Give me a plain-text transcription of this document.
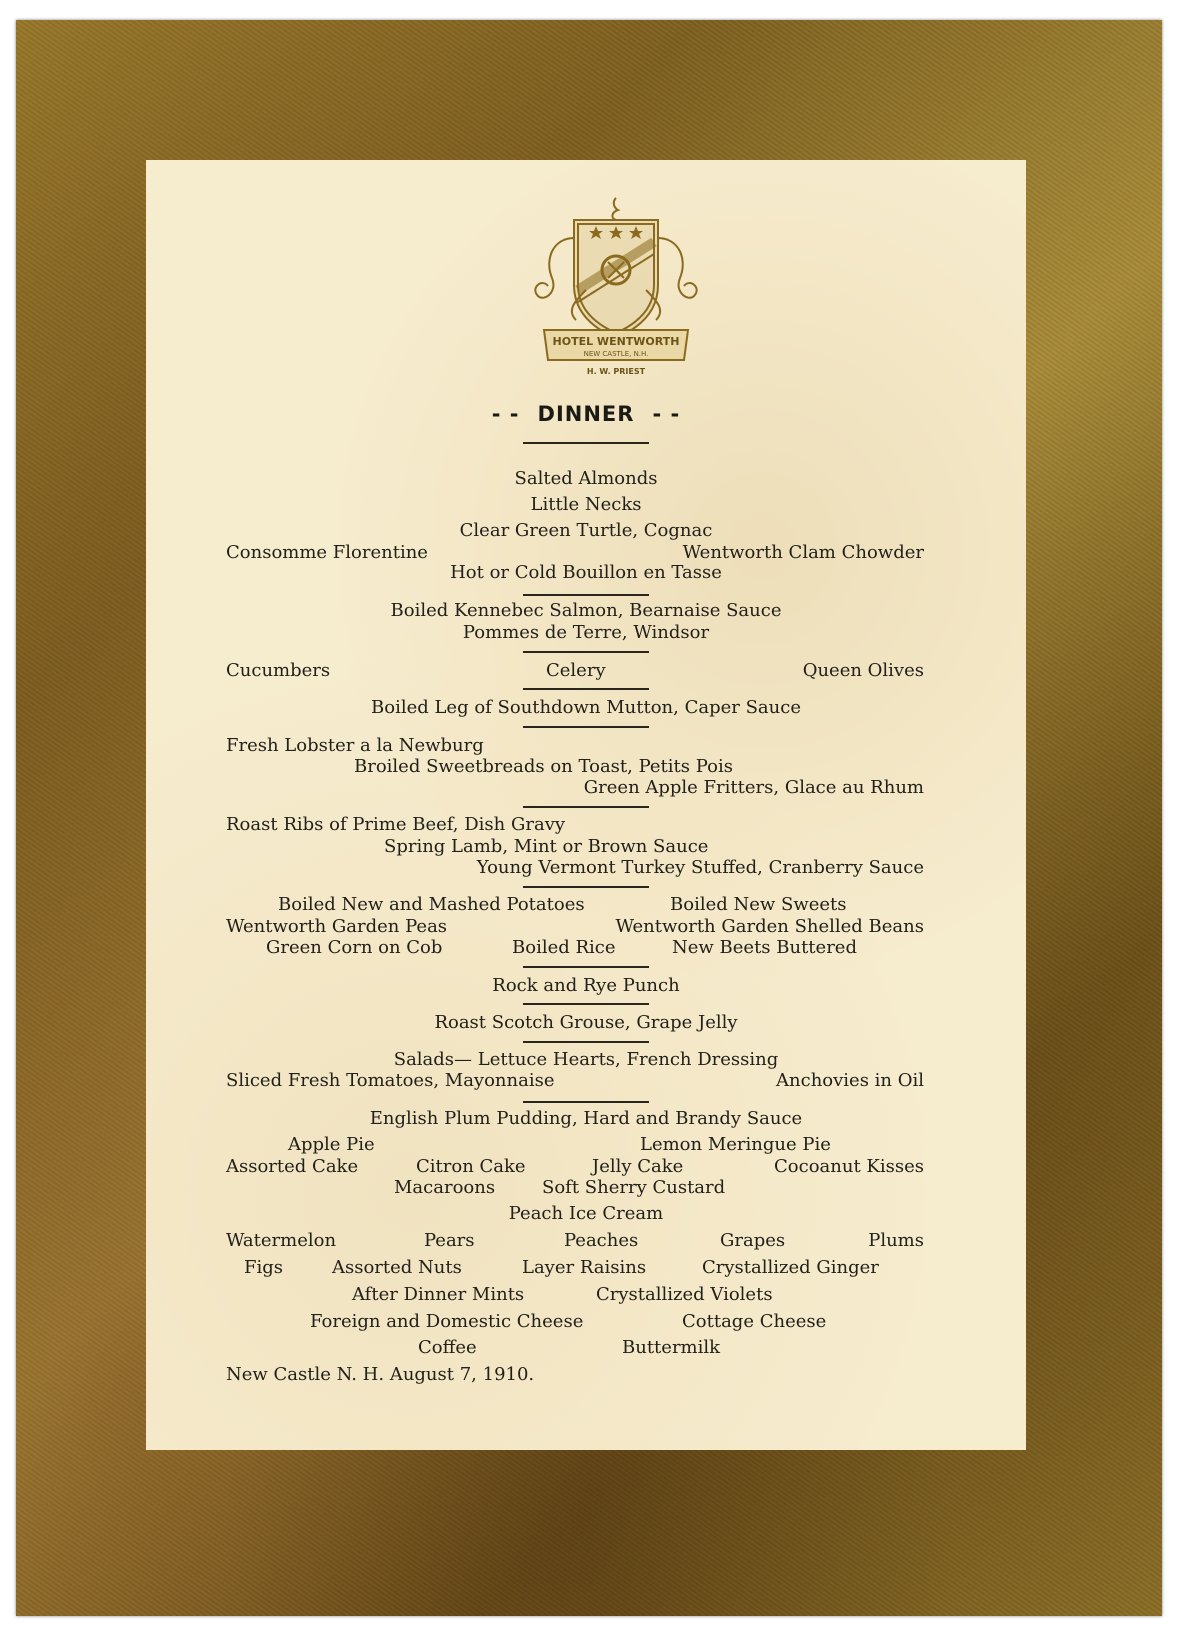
HOTEL WENTWORTH
NEW CASTLE, N.H.
H. W. PRIEST
- - DINNER - -
Salted Almonds
Little Necks
Clear Green Turtle, Cognac
Consomme Florentine	Wentworth Clam Chowder
Hot or Cold Bouillon en Tasse
Boiled Kennebec Salmon, Bearnaise Sauce
Pommes de Terre, Windsor
Cucumbers	Celery	Queen Olives
Boiled Leg of Southdown Mutton, Caper Sauce
Fresh Lobster a la Newburg
Broiled Sweetbreads on Toast, Petits Pois
Green Apple Fritters, Glace au Rhum
Roast Ribs of Prime Beef, Dish Gravy
Spring Lamb, Mint or Brown Sauce
Young Vermont Turkey Stuffed, Cranberry Sauce
Boiled New and Mashed Potatoes	Boiled New Sweets
Wentworth Garden Peas	Wentworth Garden Shelled Beans
Green Corn on Cob	Boiled Rice	New Beets Buttered
Rock and Rye Punch
Roast Scotch Grouse, Grape Jelly
Salads— Lettuce Hearts, French Dressing
Sliced Fresh Tomatoes, Mayonnaise	Anchovies in Oil
English Plum Pudding, Hard and Brandy Sauce
Apple Pie	Lemon Meringue Pie
Assorted Cake	Citron Cake	Jelly Cake	Cocoanut Kisses
Macaroons	Soft Sherry Custard
Peach Ice Cream
Watermelon	Pears	Peaches	Grapes	Plums
Figs	Assorted Nuts	Layer Raisins	Crystallized Ginger
After Dinner Mints	Crystallized Violets
Foreign and Domestic Cheese	Cottage Cheese
Coffee	Buttermilk
New Castle N. H. August 7, 1910.
